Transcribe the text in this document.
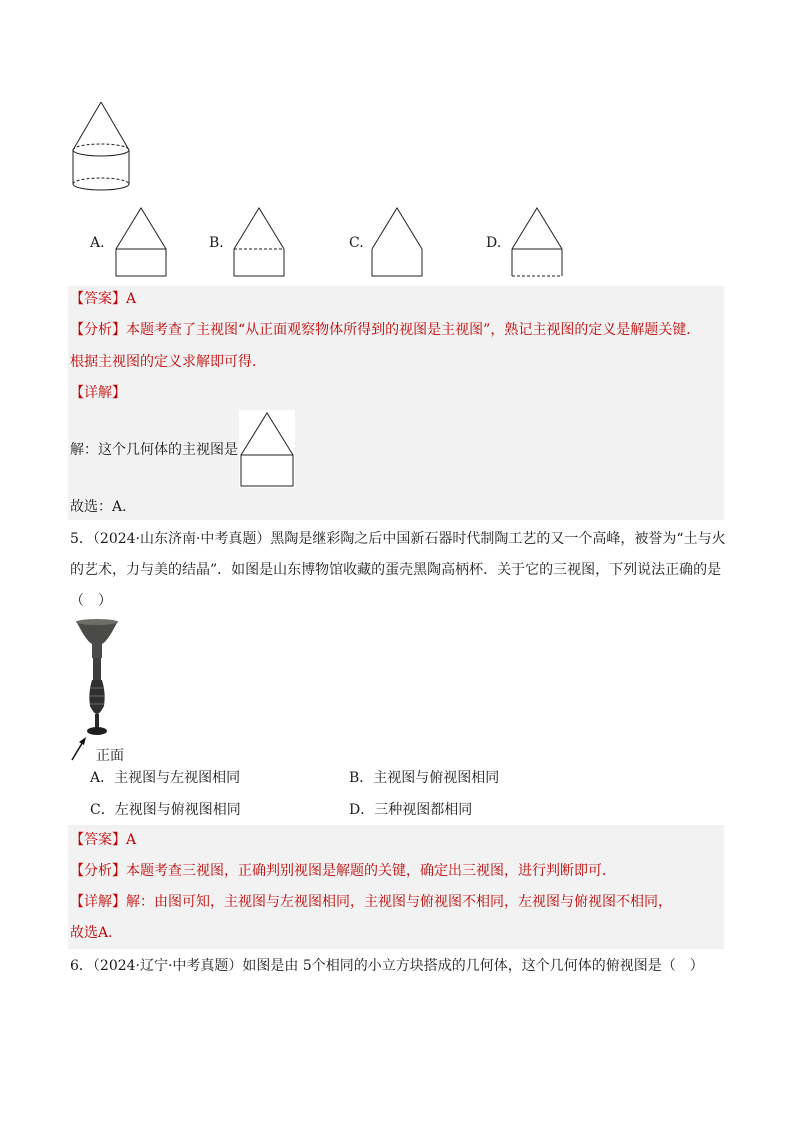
A.	B.	C.	D.
【答案】A
【分析】本题考查了主视图“从正面观察物体所得到的视图是主视图”，熟记主视图的定义是解题关键．
根据主视图的定义求解即可得．
【详解】
解：这个几何体的主视图是
故选：A．
5．（2024·山东济南·中考真题）黑陶是继彩陶之后中国新石器时代制陶工艺的又一个高峰，被誉为“土与火
的艺术，力与美的结晶”．如图是山东博物馆收藏的蛋壳黑陶高柄杯．关于它的三视图，下列说法正确的是
（　）
正面
A．主视图与左视图相同	B．主视图与俯视图相同
C．左视图与俯视图相同	D．三种视图都相同
【答案】A
【分析】本题考查三视图，正确判别视图是解题的关键，确定出三视图，进行判断即可．
【详解】解：由图可知，主视图与左视图相同，主视图与俯视图不相同，左视图与俯视图不相同，
故选A．
6．（2024·辽宁·中考真题）如图是由 5个相同的小立方块搭成的几何体，这个几何体的俯视图是（　）
